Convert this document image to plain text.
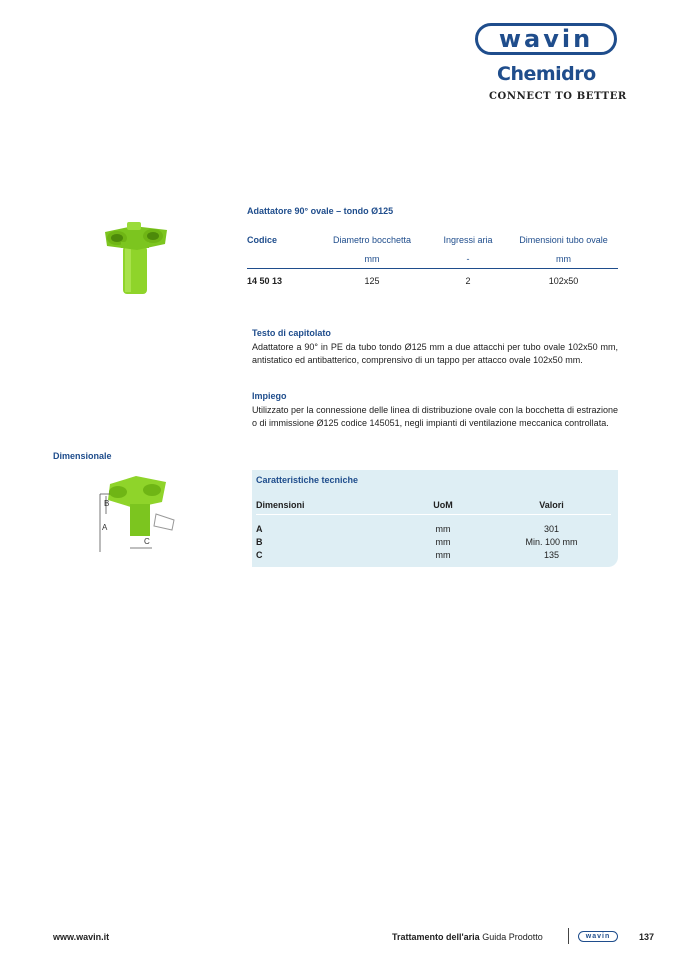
wavin
Chemidro
CONNECT TO BETTER
Adattatore 90° ovale – tondo Ø125
Codice	Diametro bocchetta	Ingressi aria	Dimensioni tubo ovale
	mm	-	mm
14 50 13	125	2	102x50
Testo di capitolato
Adattatore a 90° in PE da tubo tondo Ø125 mm a due attacchi per tubo ovale 102x50 mm, antistatico ed antibatterico, comprensivo di un tappo per attacco ovale 102x50 mm.
Impiego
Utilizzato per la connessione delle linea di distribuzione ovale con la bocchetta di estrazione o di immissione Ø125 codice 145051, negli impianti di ventilazione meccanica controllata.
Dimensionale
B
A
C
Caratteristiche tecniche
Dimensioni	UoM	Valori

A	mm	301
B	mm	Min. 100 mm
C	mm	135
www.wavin.it	Trattamento dell'aria Guida Prodotto	wavin	137
